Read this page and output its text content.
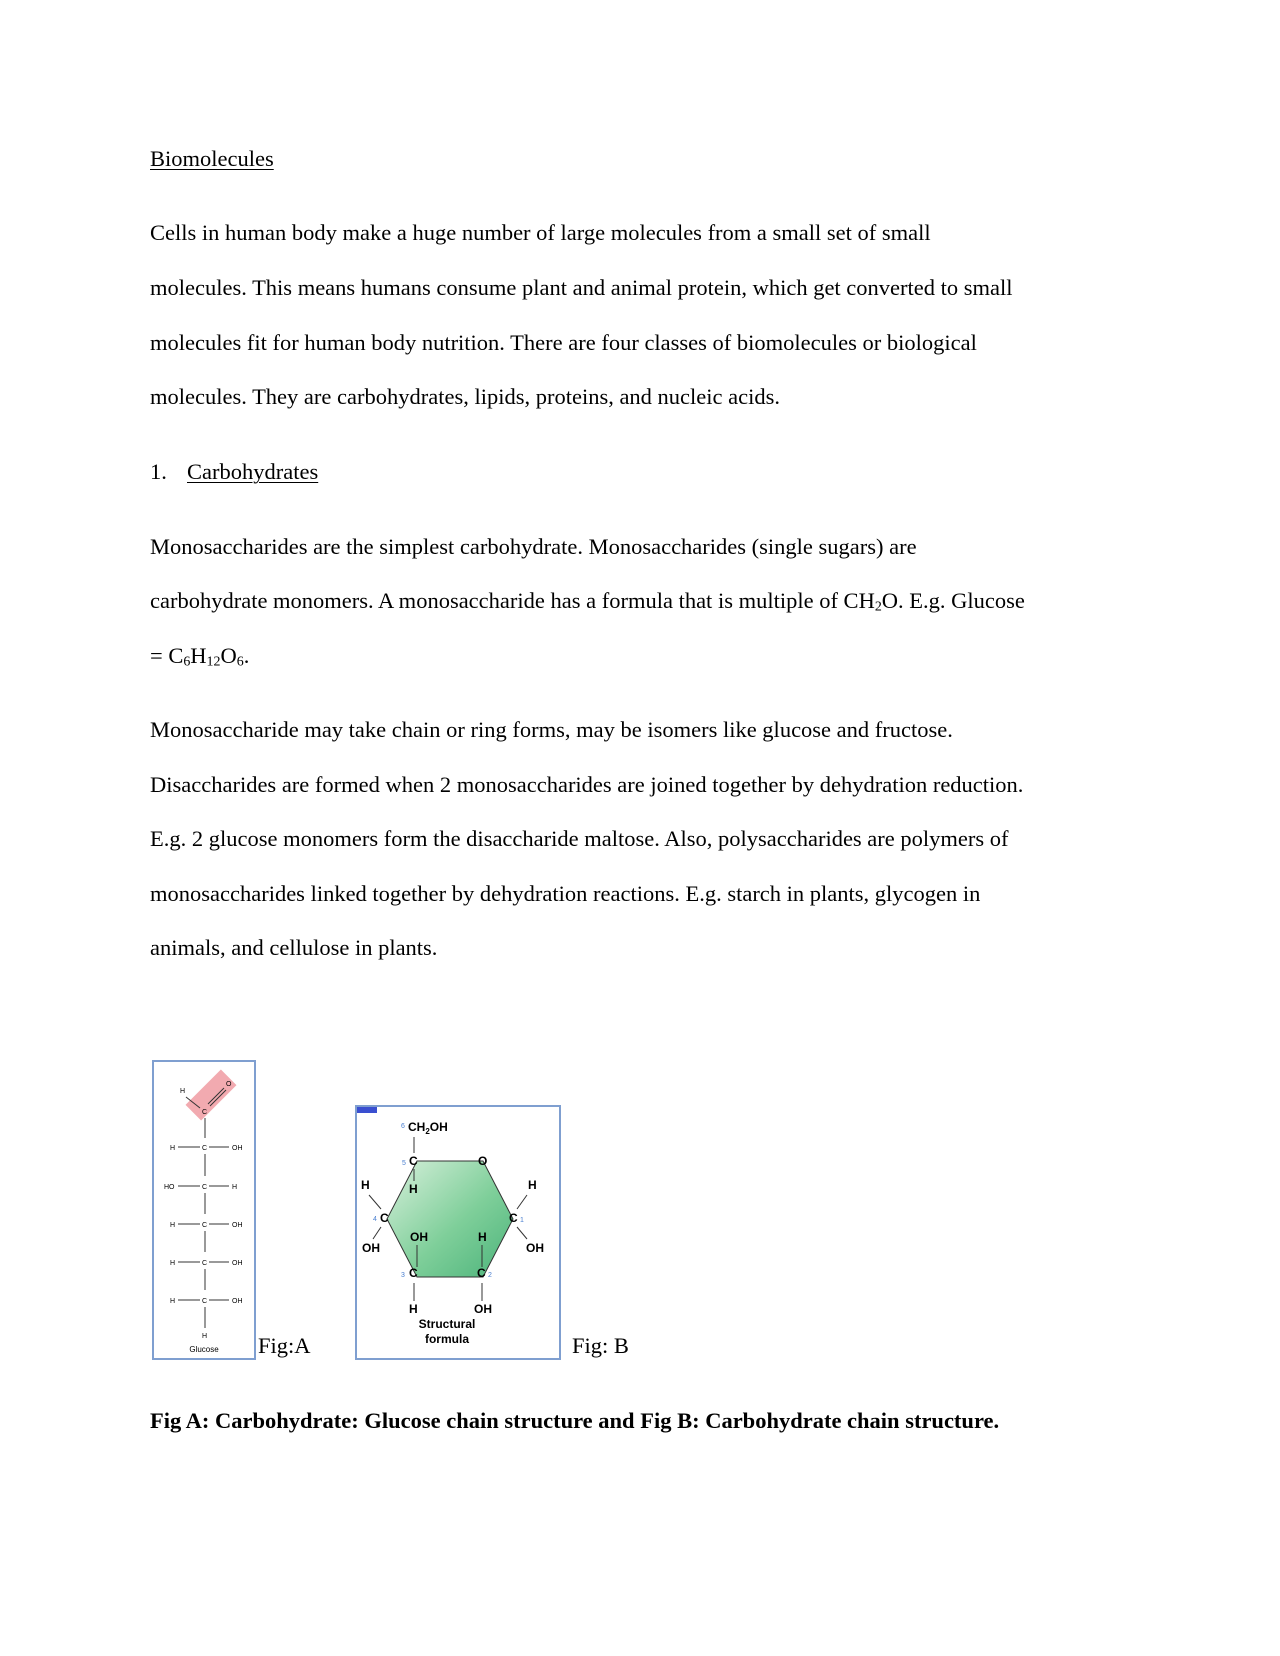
Biomolecules
Cells in human body make a huge number of large molecules from a small set of small
molecules. This means humans consume plant and animal protein, which get converted to small
molecules fit for human body nutrition. There are four classes of biomolecules or biological
molecules. They are carbohydrates, lipids, proteins, and nucleic acids.
1. Carbohydrates
Monosaccharides are the simplest carbohydrate. Monosaccharides (single sugars) are
carbohydrate monomers. A monosaccharide has a formula that is multiple of $CH_2O$. E.g. Glucose
= $C_6H_{12}O_6$.
Monosaccharide may take chain or ring forms, may be isomers like glucose and fructose.
Disaccharides are formed when 2 monosaccharides are joined together by dehydration reduction.
E.g. 2 glucose monomers form the disaccharide maltose. Also, polysaccharides are polymers of
monosaccharides linked together by dehydration reactions. E.g. starch in plants, glycogen in
animals, and cellulose in plants.
H
O
C
H	C	OH
HO	C	H
H	C	OH
H	C	OH
H	C	OH
H
Glucose Fig:A
6 $CH_2OH$
5 C	O
H
H
4 C
OH
H
C 1
OH
OH
3 C
H
C 2
H	OH
Structural
formula	Fig: B
Fig A: Carbohydrate: Glucose chain structure and Fig B: Carbohydrate chain structure.
